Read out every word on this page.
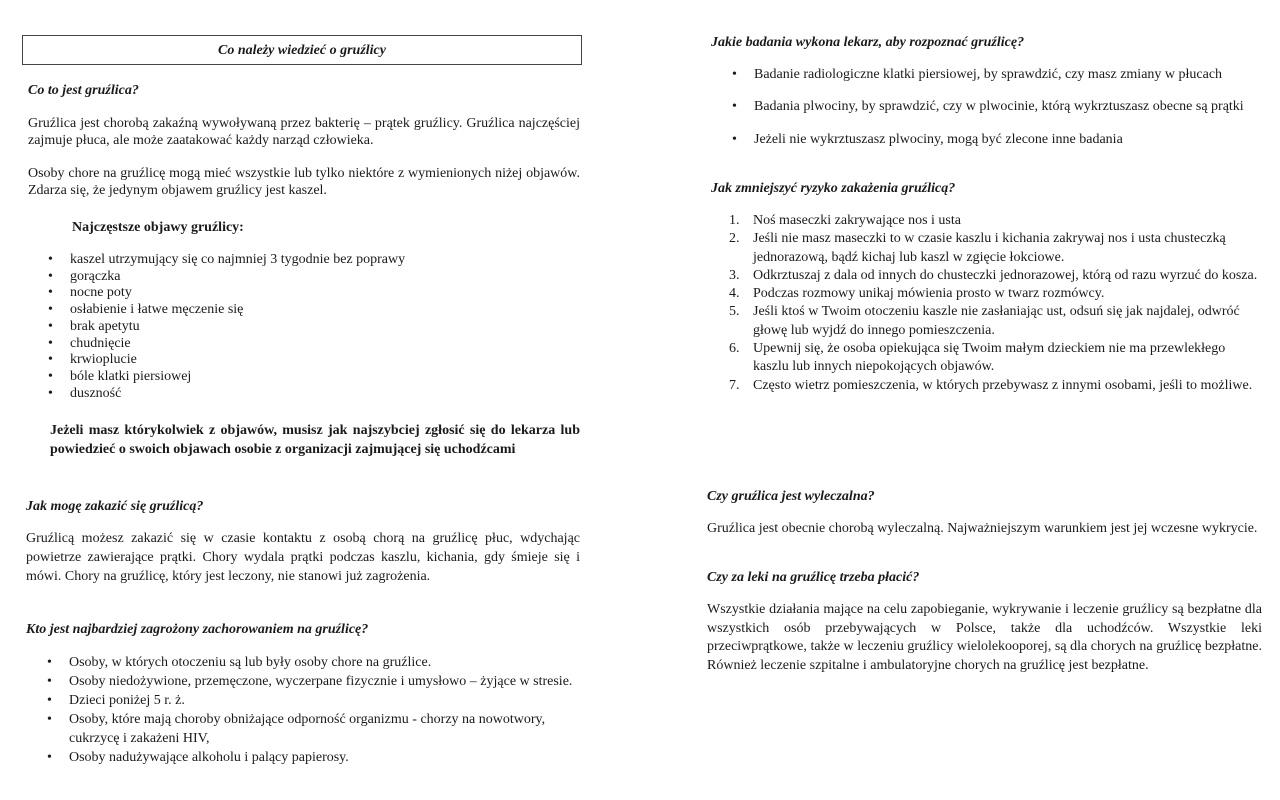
Co należy wiedzieć o gruźlicy
Co to jest gruźlica?

Gruźlica jest chorobą zakaźną wywoływaną przez bakterię – prątek gruźlicy. Gruźlica najczęściej zajmuje płuca, ale może zaatakować każdy narząd człowieka.

Osoby chore na gruźlicę mogą mieć wszystkie lub tylko niektóre z wymienionych niżej objawów. Zdarza się, że jedynym objawem gruźlicy jest kaszel.

Najczęstsze objawy gruźlicy:
• kaszel utrzymujący się co najmniej 3 tygodnie bez poprawy
• gorączka
• nocne poty
• osłabienie i łatwe męczenie się
• brak apetytu
• chudnięcie
• krwioplucie
• bóle klatki piersiowej
• duszność

Jeżeli masz którykolwiek z objawów, musisz jak najszybciej zgłosić się do lekarza lub powiedzieć o swoich objawach osobie z organizacji zajmującej się uchodźcami

Jak mogę zakazić się gruźlicą?

Gruźlicą możesz zakazić się w czasie kontaktu z osobą chorą na gruźlicę płuc, wdychając powietrze zawierające prątki. Chory wydala prątki podczas kaszlu, kichania, gdy śmieje się i mówi. Chory na gruźlicę, który jest leczony, nie stanowi już zagrożenia.

Kto jest najbardziej zagrożony zachorowaniem na gruźlicę?
• Osoby, w których otoczeniu są lub były osoby chore na gruźlice.
• Osoby niedożywione, przemęczone, wyczerpane fizycznie i umysłowo – żyjące w stresie.
• Dzieci poniżej 5 r. ż.
• Osoby, które mają choroby obniżające odporność organizmu - chorzy na nowotwory, cukrzycę i zakażeni HIV,
• Osoby nadużywające alkoholu i palący papierosy.
Jakie badania wykona lekarz, aby rozpoznać gruźlicę?
• Badanie radiologiczne klatki piersiowej, by sprawdzić, czy masz zmiany w płucach
• Badania plwociny, by sprawdzić, czy w plwocinie, którą wykrztuszasz obecne są prątki
• Jeżeli nie wykrztuszasz plwociny, mogą być zlecone inne badania
Jak zmniejszyć ryzyko zakażenia gruźlicą?
1. Noś maseczki zakrywające nos i usta
2. Jeśli nie masz maseczki to w czasie kaszlu i kichania zakrywaj nos i usta chusteczką jednorazową, bądź kichaj lub kaszl w zgięcie łokciowe.
3. Odkrztuszaj z dala od innych do chusteczki jednorazowej, którą od razu wyrzuć do kosza.
4. Podczas rozmowy unikaj mówienia prosto w twarz rozmówcy.
5. Jeśli ktoś w Twoim otoczeniu kaszle nie zasłaniając ust, odsuń się jak najdalej, odwróć głowę lub wyjdź do innego pomieszczenia.
6. Upewnij się, że osoba opiekująca się Twoim małym dzieckiem nie ma przewlekłego kaszlu lub innych niepokojących objawów.
7. Często wietrz pomieszczenia, w których przebywasz z innymi osobami, jeśli to możliwe.
Czy gruźlica jest wyleczalna?

Gruźlica jest obecnie chorobą wyleczalną. Najważniejszym warunkiem jest jej wczesne wykrycie.

Czy za leki na gruźlicę trzeba płacić?

Wszystkie działania mające na celu zapobieganie, wykrywanie i leczenie gruźlicy są bezpłatne dla wszystkich osób przebywających w Polsce, także dla uchodźców. Wszystkie leki przeciwprątkowe, także w leczeniu gruźlicy wielolekooporej, są dla chorych na gruźlicę bezpłatne. Również leczenie szpitalne i ambulatoryjne chorych na gruźlicę jest bezpłatne.
